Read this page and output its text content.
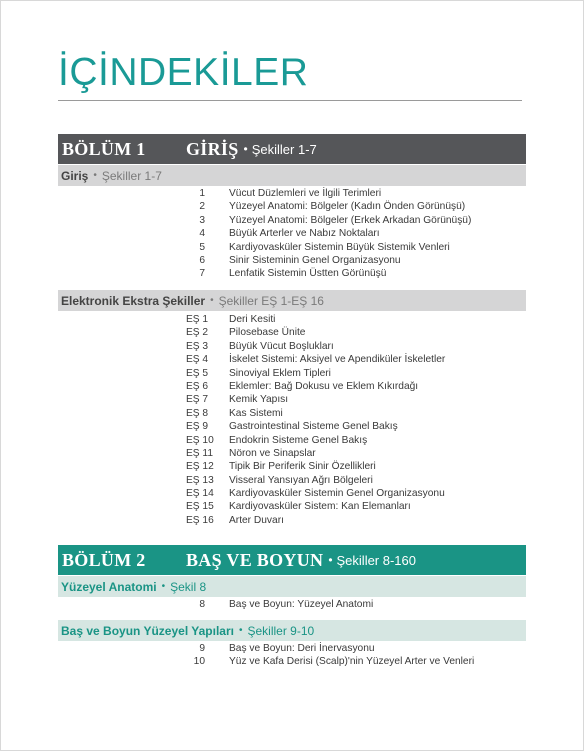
İÇİNDEKİLER
BÖLÜM 1	GİRİŞ • Şekiller 1-7
Giriş • Şekiller 1-7
1 Vücut Düzlemleri ve İlgili Terimleri
2 Yüzeyel Anatomi: Bölgeler (Kadın Önden Görünüşü)
3 Yüzeyel Anatomi: Bölgeler (Erkek Arkadan Görünüşü)
4 Büyük Arterler ve Nabız Noktaları
5 Kardiyovasküler Sistemin Büyük Sistemik Venleri
6 Sinir Sisteminin Genel Organizasyonu
7 Lenfatik Sistemin Üstten Görünüşü
Elektronik Ekstra Şekiller • Şekiller EŞ 1-EŞ 16
EŞ 1 Deri Kesiti
EŞ 2 Pilosebase Ünite
EŞ 3 Büyük Vücut Boşlukları
EŞ 4 İskelet Sistemi: Aksiyel ve Apendiküler İskeletler
EŞ 5 Sinoviyal Eklem Tipleri
EŞ 6 Eklemler: Bağ Dokusu ve Eklem Kıkırdağı
EŞ 7 Kemik Yapısı
EŞ 8 Kas Sistemi
EŞ 9 Gastrointestinal Sisteme Genel Bakış
EŞ 10 Endokrin Sisteme Genel Bakış
EŞ 11 Nöron ve Sinapslar
EŞ 12 Tipik Bir Periferik Sinir Özellikleri
EŞ 13 Visseral Yansıyan Ağrı Bölgeleri
EŞ 14 Kardiyovasküler Sistemin Genel Organizasyonu
EŞ 15 Kardiyovasküler Sistem: Kan Elemanları
EŞ 16 Arter Duvarı
BÖLÜM 2	BAŞ VE BOYUN • Şekiller 8-160
Yüzeyel Anatomi • Şekil 8
8 Baş ve Boyun: Yüzeyel Anatomi
Baş ve Boyun Yüzeyel Yapıları • Şekiller 9-10
9 Baş ve Boyun: Deri İnervasyonu
10 Yüz ve Kafa Derisi (Scalp)'nin Yüzeyel Arter ve Venleri
